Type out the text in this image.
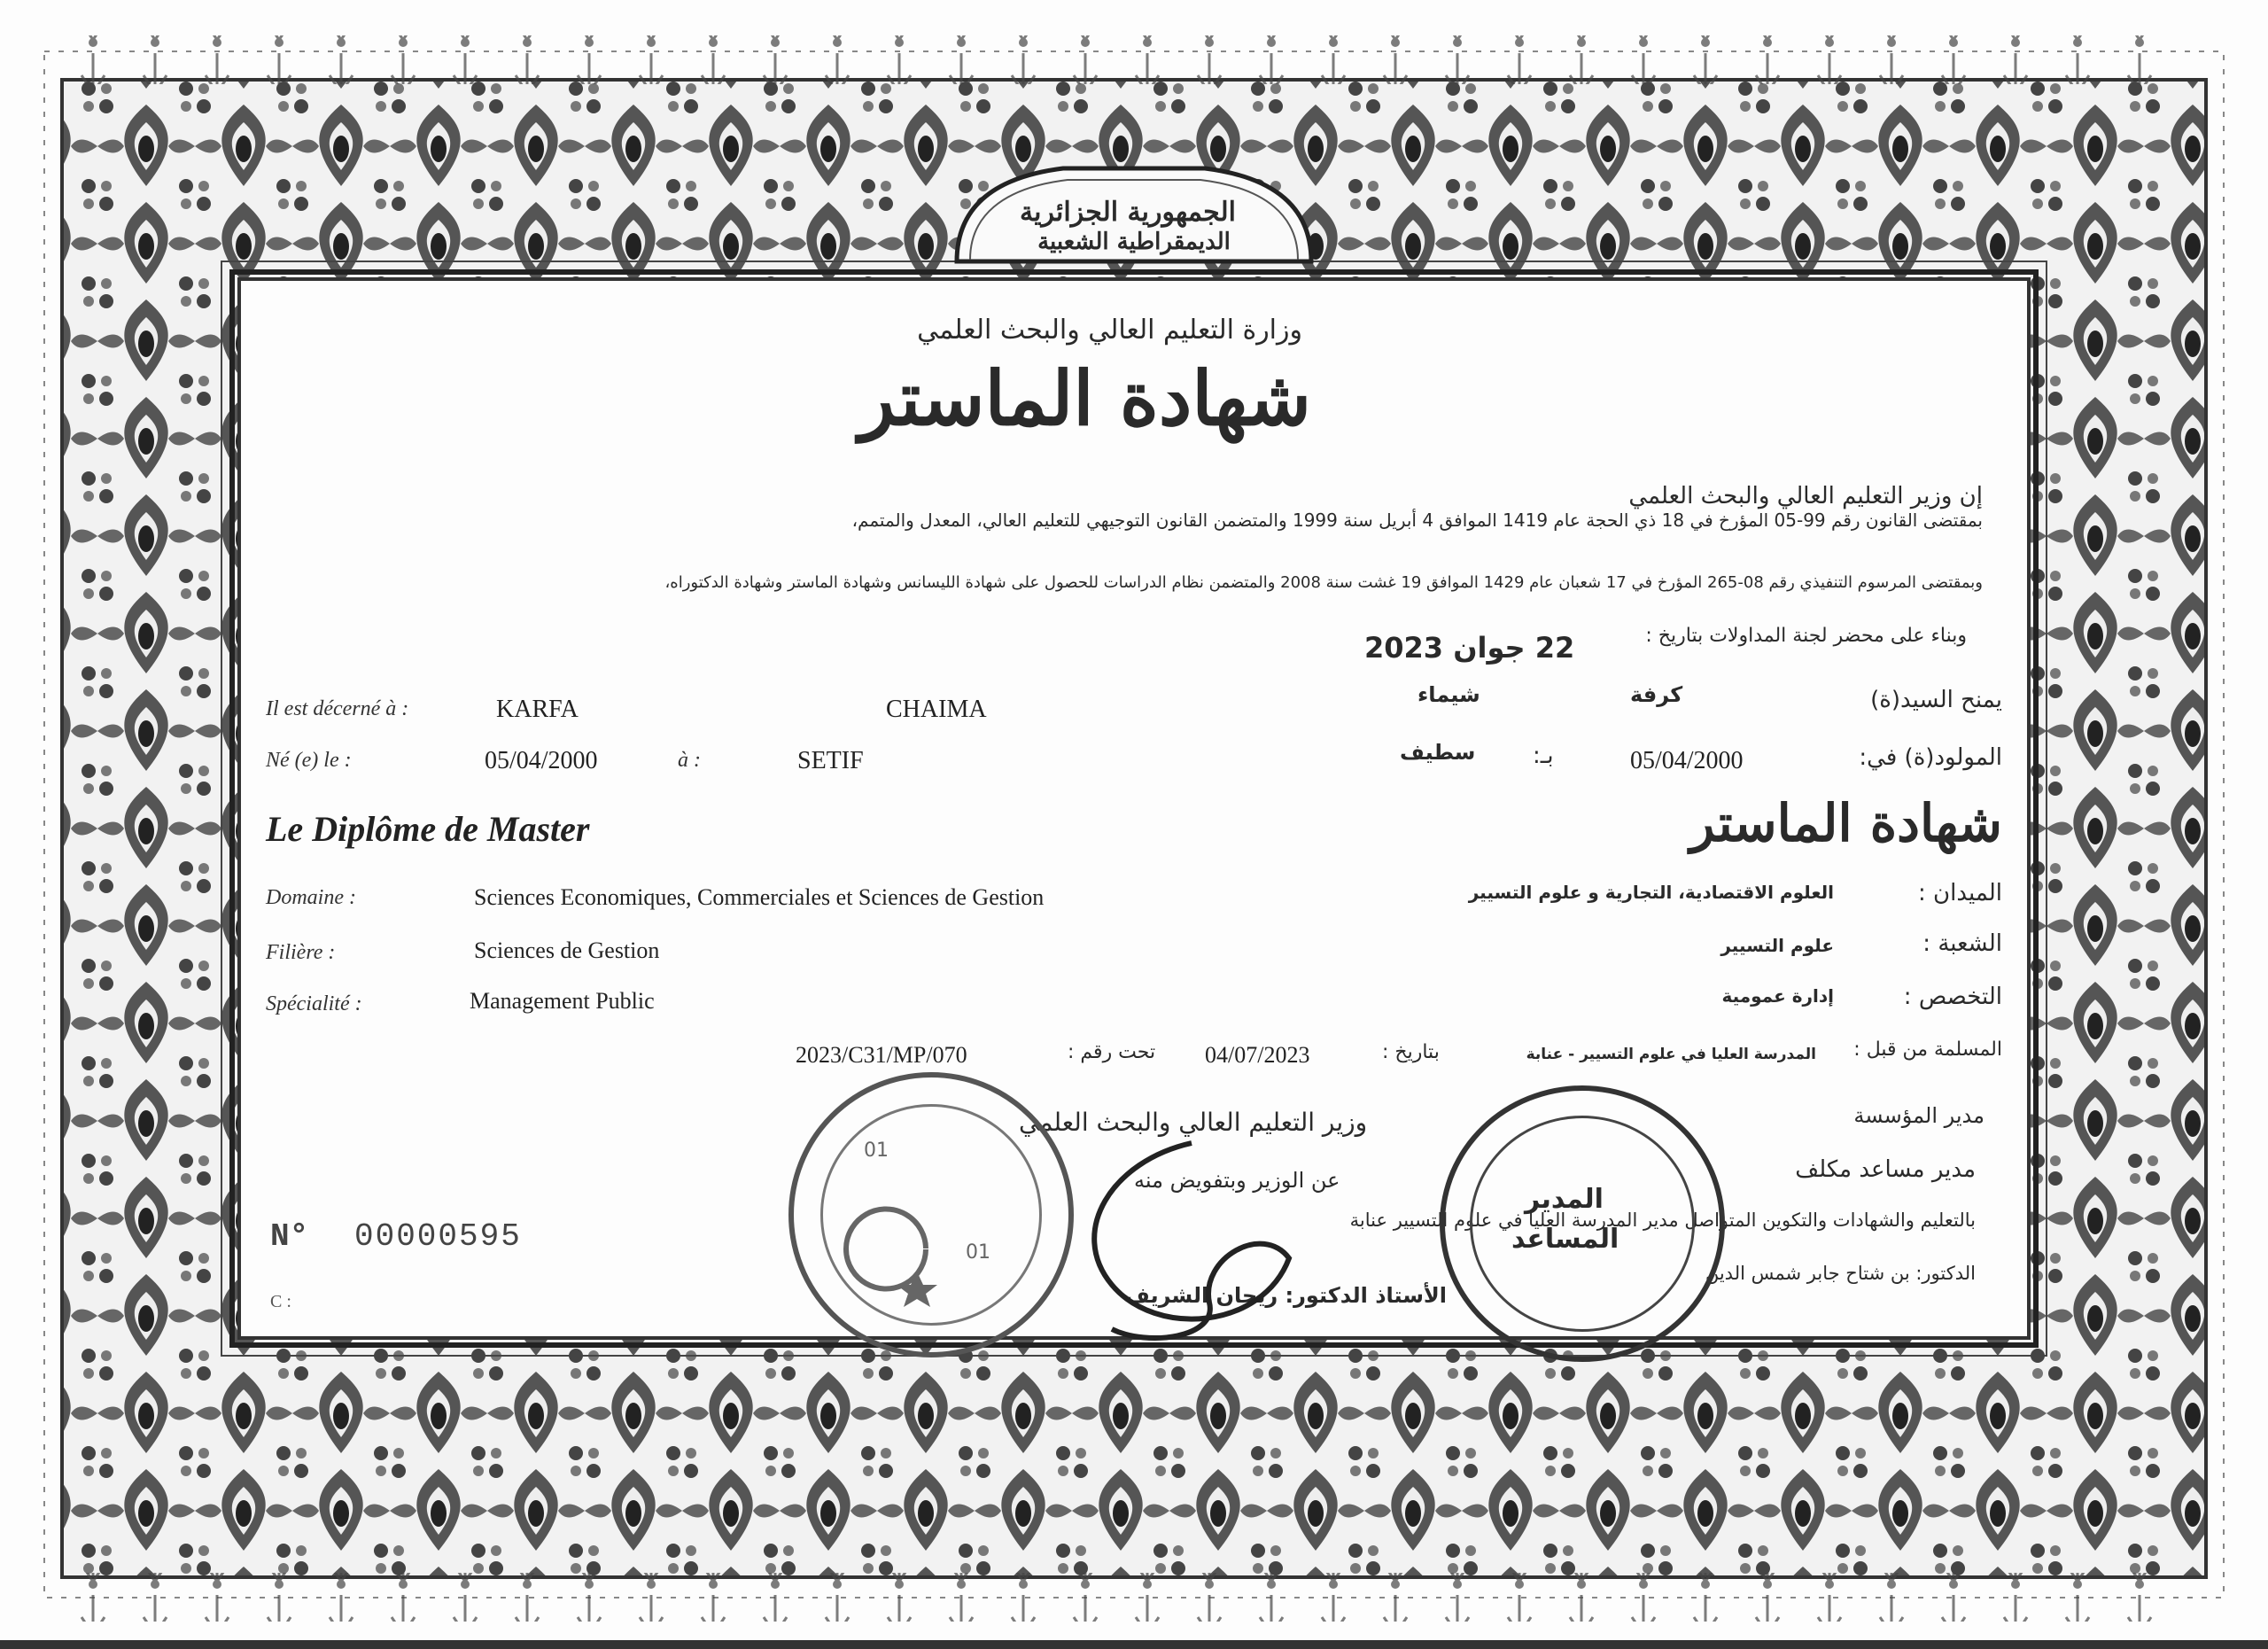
الجمهورية الجزائرية
الديمقراطية الشعبية
وزارة التعليم العالي والبحث العلمي
شهادة الماستر
إن وزير التعليم العالي والبحث العلمي
بمقتضى القانون رقم 99-05 المؤرخ في 18 ذي الحجة عام 1419 الموافق 4 أبريل سنة 1999 والمتضمن القانون التوجيهي للتعليم العالي، المعدل والمتمم،
وبمقتضى المرسوم التنفيذي رقم 08-265 المؤرخ في 17 شعبان عام 1429 الموافق 19 غشت سنة 2008 والمتضمن نظام الدراسات للحصول على شهادة الليسانس وشهادة الماستر وشهادة الدكتوراه،
وبناء على محضر لجنة المداولات بتاريخ :
22 جوان 2023
Il est décerné à :	KARFA	CHAIMA
شيماء	كرفة	يمنح السيد(ة)
Né (e) le :	05/04/2000	à :	SETIF	سطيف بـ:	05/04/2000	المولود(ة) في:
Le Diplôme de Master	شهادة الماستر
Domaine :	Sciences Economiques, Commerciales et Sciences de Gestion	العلوم الاقتصادية، التجارية و علوم التسيير	الميدان :
Filière :	Sciences de Gestion	علوم التسيير	الشعبة :
Spécialité :	Management Public	إدارة عمومية	التخصص :
2023/C31/MP/070	تحت رقم : 04/07/2023	بتاريخ :	المدرسة العليا في علوم التسيير - عنابة المسلمة من قبل :
وزير التعليم العالي والبحث العلمي	مدير المؤسسة
مدير مساعد مكلف
عن الوزير وبتفويض منه
بالتعليم والشهادات والتكوين المتواصل مدير المدرسة العليا في علوم التسيير عنابة
الدكتور: بن شتاح جابر شمس الدين
الأستاذ الدكتور: ريحان الشريف
01
01
المدير
المساعد
N° 00000595
C :
